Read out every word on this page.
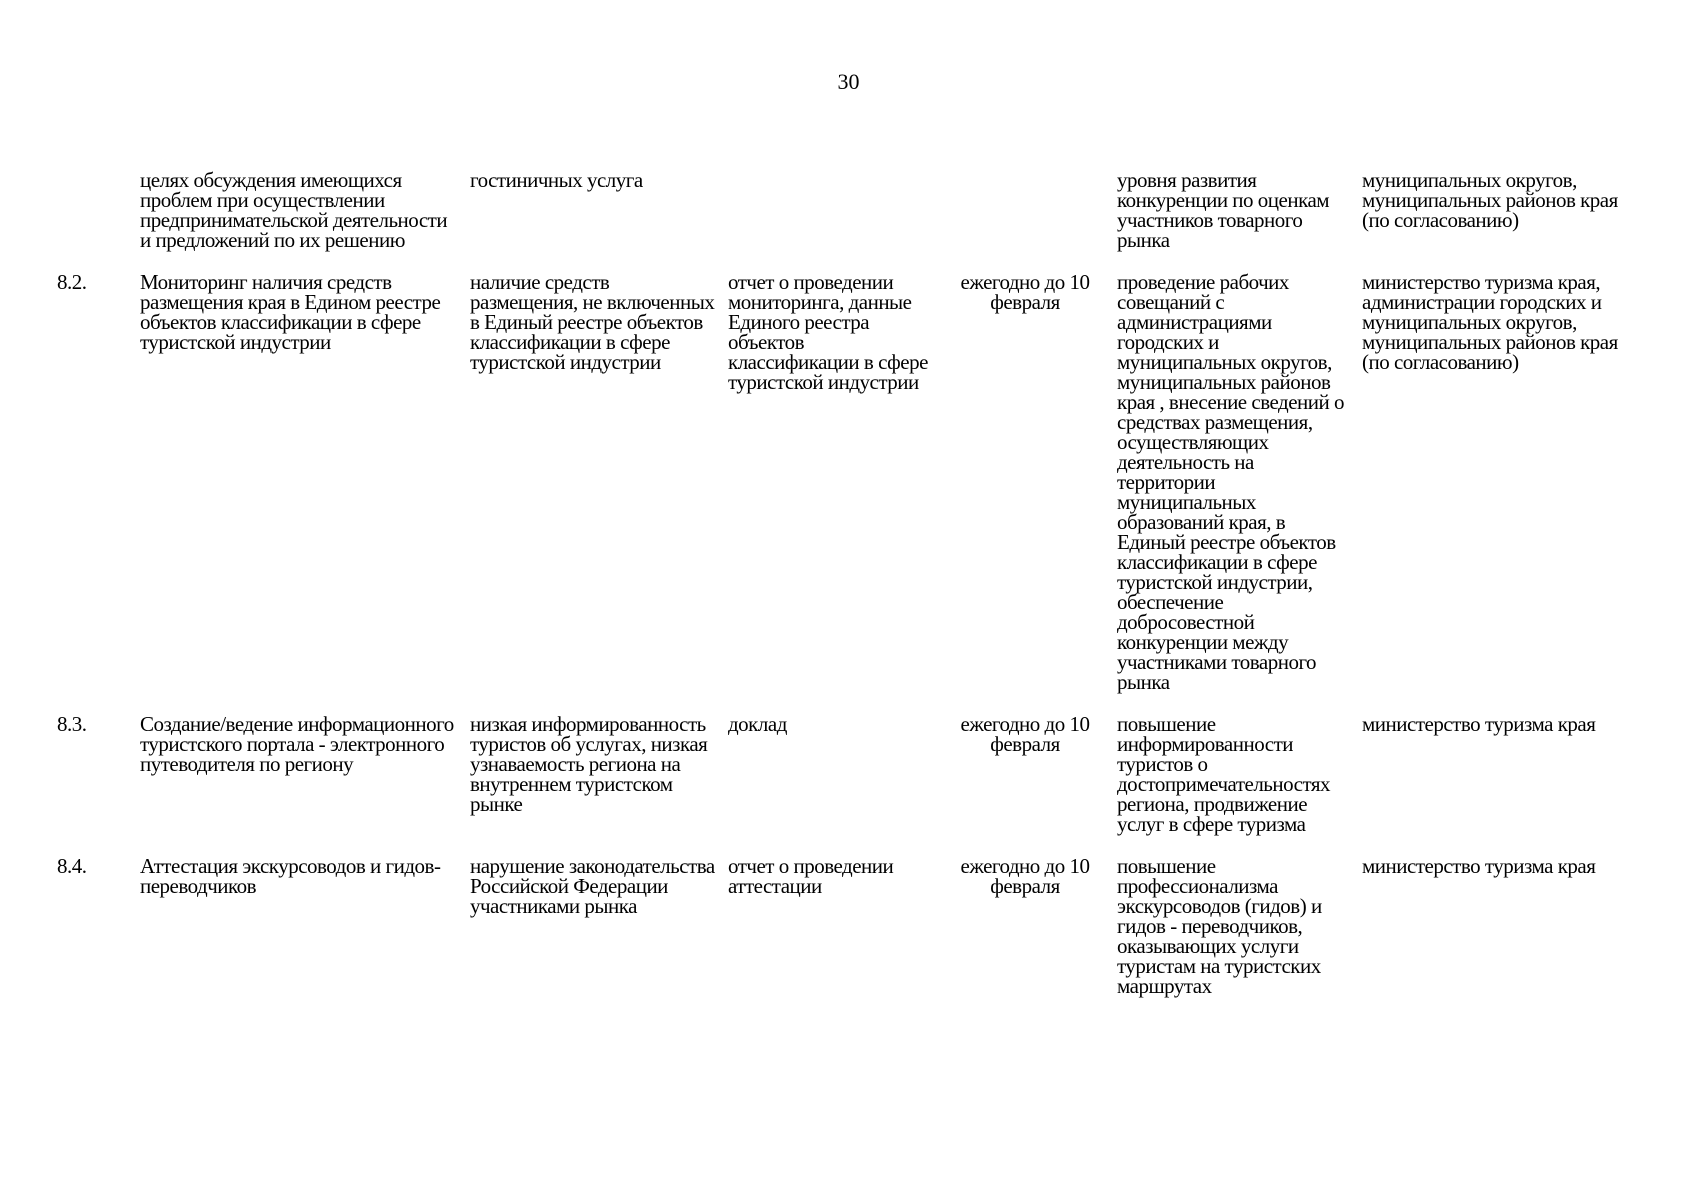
30
	целях обсуждения имеющихся проблем при осуществлении предпринимательской деятельности и предложений по их решению	гостиничных услуга			уровня развития конкуренции по оценкам участников товарного рынка	муниципальных округов, муниципальных районов края (по согласованию)
8.2.	Мониторинг наличия средств размещения края в Едином реестре объектов классификации в сфере туристской индустрии	наличие средств размещения, не включенных в Единый реестре объектов классификации в сфере туристской индустрии	отчет о проведении мониторинга, данные Единого реестра объектов классификации в сфере туристской индустрии	ежегодно до 10 февраля	проведение рабочих совещаний с администрациями городских и муниципальных округов, муниципальных районов края , внесение сведений о средствах размещения, осуществляющих деятельность на территории муниципальных образований края, в Единый реестре объектов классификации в сфере туристской индустрии, обеспечение добросовестной конкуренции между участниками товарного рынка	министерство туризма края, администрации городских и муниципальных округов, муниципальных районов края (по согласованию)
8.3.	Создание/ведение информационного туристского портала - электронного путеводителя по региону	низкая информированность туристов об услугах, низкая узнаваемость региона на внутреннем туристском рынке	доклад	ежегодно до 10 февраля	повышение информированности туристов о достопримечательностях региона, продвижение услуг в сфере туризма	министерство туризма края
8.4.	Аттестация экскурсоводов и гидов-переводчиков	нарушение законодательства Российской Федерации участниками рынка	отчет о проведении аттестации	ежегодно до 10 февраля	повышение профессионализма экскурсоводов (гидов) и гидов - переводчиков, оказывающих услуги туристам на туристских маршрутах	министерство туризма края
